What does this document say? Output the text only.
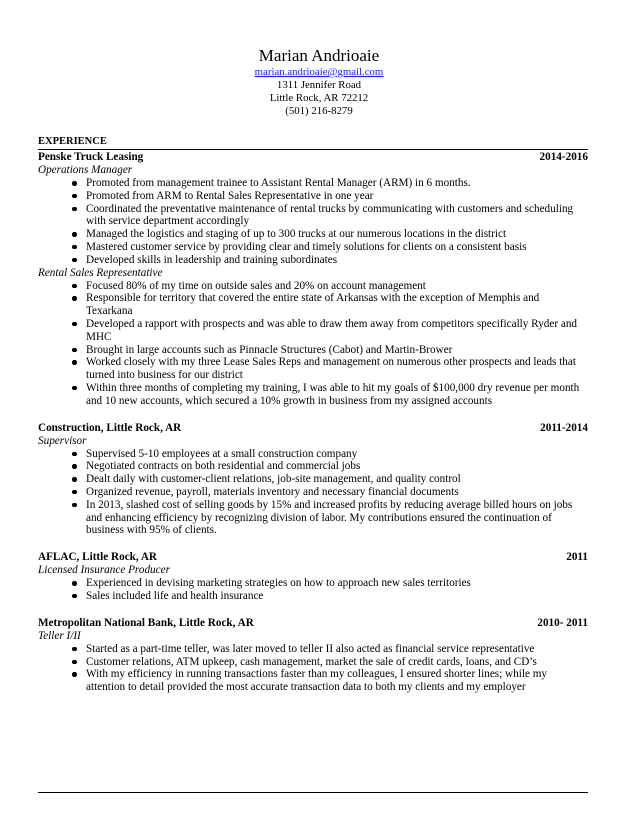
Marian Andrioaie
marian.andrioaie@gmail.com
1311 Jennifer Road
Little Rock, AR 72212
(501) 216-8279
EXPERIENCE
Penske Truck Leasing	2014-2016
Operations Manager
Promoted from management trainee to Assistant Rental Manager (ARM) in 6 months.
Promoted from ARM to Rental Sales Representative in one year
Coordinated the preventative maintenance of rental trucks by communicating with customers and scheduling with service department accordingly
Managed the logistics and staging of up to 300 trucks at our numerous locations in the district
Mastered customer service by providing clear and timely solutions for clients on a consistent basis
Developed skills in leadership and training subordinates
Rental Sales Representative
Focused 80% of my time on outside sales and 20% on account management
Responsible for territory that covered the entire state of Arkansas with the exception of Memphis and Texarkana
Developed a rapport with prospects and was able to draw them away from competitors specifically Ryder and MHC
Brought in large accounts such as Pinnacle Structures (Cabot) and Martin-Brower
Worked closely with my three Lease Sales Reps and management on numerous other prospects and leads that turned into business for our district
Within three months of completing my training, I was able to hit my goals of $100,000 dry revenue per month and 10 new accounts, which secured a 10% growth in business from my assigned accounts
Construction, Little Rock, AR	2011-2014
Supervisor
Supervised 5-10 employees at a small construction company
Negotiated contracts on both residential and commercial jobs
Dealt daily with customer-client relations, job-site management, and quality control
Organized revenue, payroll, materials inventory and necessary financial documents
In 2013, slashed cost of selling goods by 15% and increased profits by reducing average billed hours on jobs and enhancing efficiency by recognizing division of labor. My contributions ensured the continuation of business with 95% of clients.
AFLAC, Little Rock, AR	2011
Licensed Insurance Producer
Experienced in devising marketing strategies on how to approach new sales territories
Sales included life and health insurance
Metropolitan National Bank, Little Rock, AR	2010- 2011
Teller I/II
Started as a part-time teller, was later moved to teller II also acted as financial service representative
Customer relations, ATM upkeep, cash management, market the sale of credit cards, loans, and CD’s
With my efficiency in running transactions faster than my colleagues, I ensured shorter lines; while my attention to detail provided the most accurate transaction data to both my clients and my employer
